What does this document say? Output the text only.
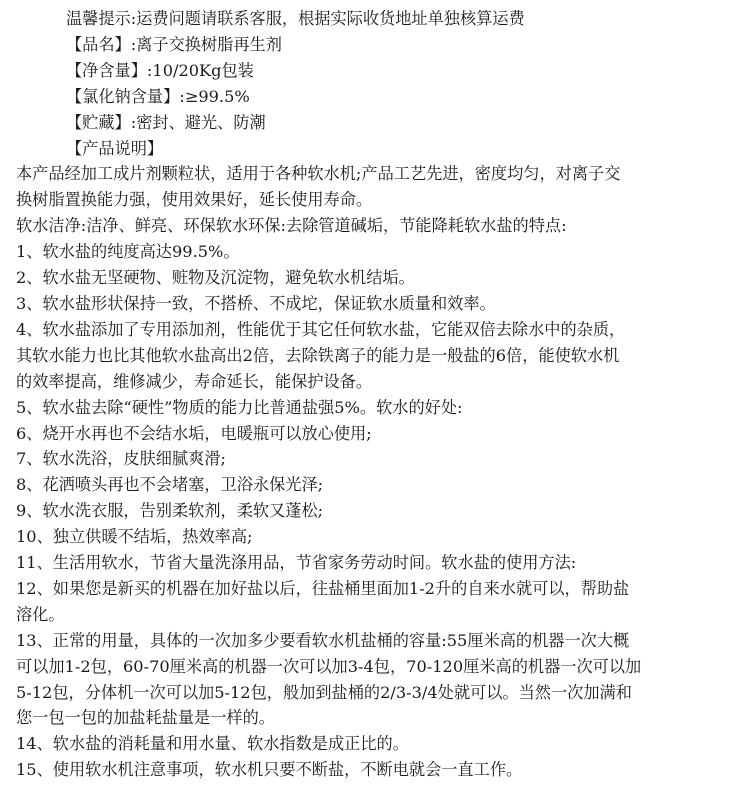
温馨提示:运费问题请联系客服，根据实际收货地址单独核算运费
【品名】:离子交换树脂再生剂
【净含量】:10/20Kg包装
【氯化钠含量】:≥99.5%
【贮藏】:密封、避光、防潮
【产品说明】
本产品经加工成片剂颗粒状，适用于各种软水机;产品工艺先进，密度均匀，对离子交
换树脂置换能力强，使用效果好，延长使用寿命。
软水洁净:洁净、鲜亮、环保软水环保:去除管道碱垢，节能降耗软水盐的特点:
1、软水盐的纯度高达99.5%。
2、软水盐无坚硬物、赃物及沉淀物，避免软水机结垢。
3、软水盐形状保持一致，不搭桥、不成坨，保证软水质量和效率。
4、软水盐添加了专用添加剂，性能优于其它任何软水盐，它能双倍去除水中的杂质，
其软水能力也比其他软水盐高出2倍，去除铁离子的能力是一般盐的6倍，能使软水机
的效率提高，维修减少，寿命延长，能保护设备。
5、软水盐去除“硬性”物质的能力比普通盐强5%。软水的好处:
6、烧开水再也不会结水垢，电暖瓶可以放心使用;
7、软水洗浴，皮肤细腻爽滑;
8、花洒喷头再也不会堵塞，卫浴永保光泽;
9、软水洗衣服，告别柔软剂，柔软又蓬松;
10、独立供暖不结垢，热效率高;
11、生活用软水，节省大量洗涤用品，节省家务劳动时间。软水盐的使用方法:
12、如果您是新买的机器在加好盐以后，往盐桶里面加1-2升的自来水就可以，帮助盐
溶化。
13、正常的用量，具体的一次加多少要看软水机盐桶的容量:55厘米高的机器一次大概
可以加1-2包，60-70厘米高的机器一次可以加3-4包，70-120厘米高的机器一次可以加
5-12包，分体机一次可以加5-12包，般加到盐桶的2/3-3/4处就可以。当然一次加满和
您一包一包的加盐耗盐量是一样的。
14、软水盐的消耗量和用水量、软水指数是成正比的。
15、使用软水机注意事项，软水机只要不断盐，不断电就会一直工作。
